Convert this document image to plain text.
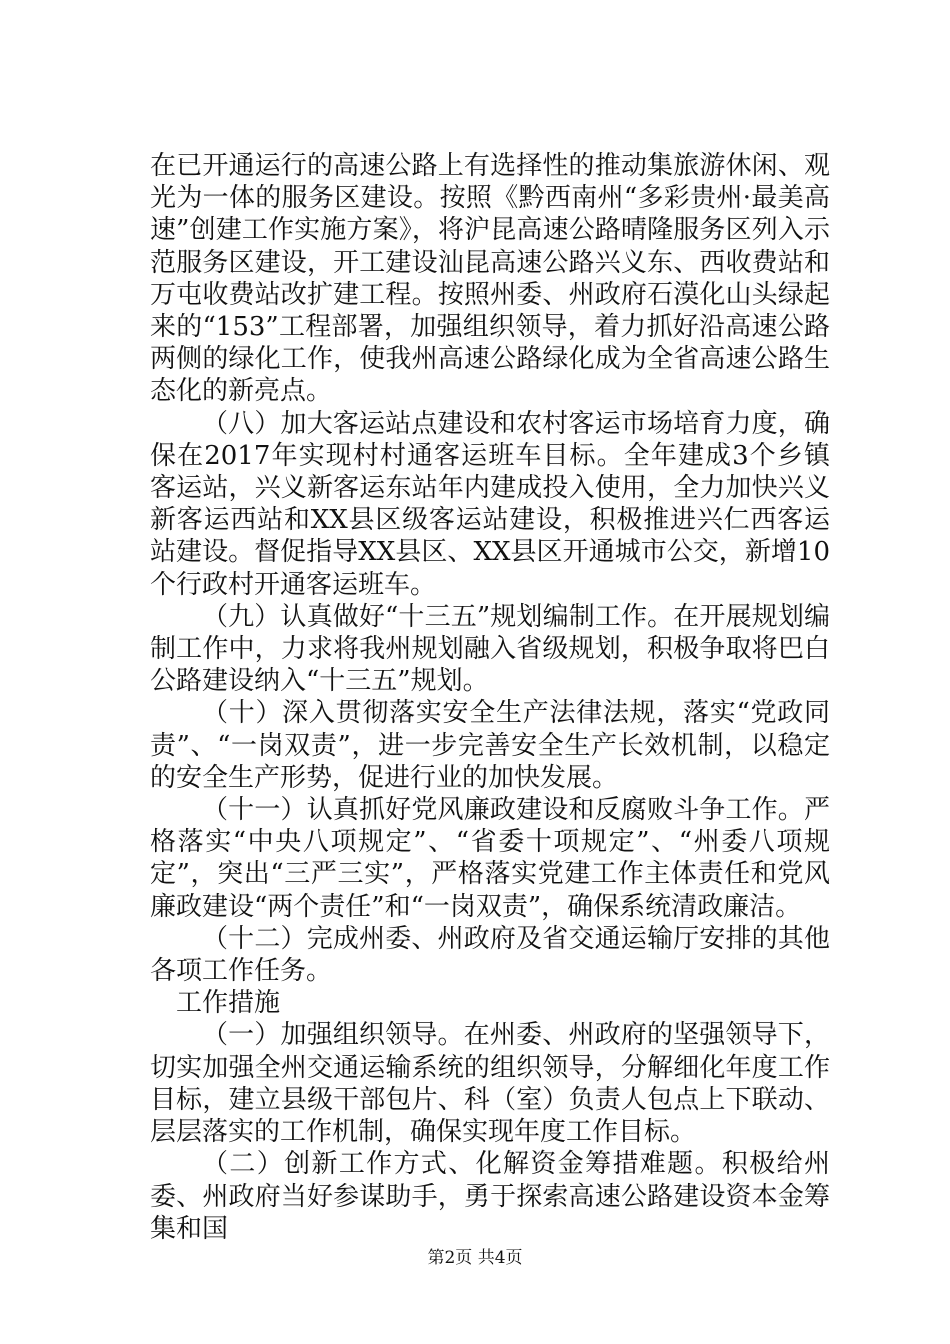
在已开通运行的高速公路上有选择性的推动集旅游休闲、观光为一体的服务区建设。按照《黔西南州“多彩贵州·最美高速”创建工作实施方案》，将沪昆高速公路晴隆服务区列入示范服务区建设，开工建设汕昆高速公路兴义东、西收费站和万屯收费站改扩建工程。按照州委、州政府石漠化山头绿起来的“153”工程部署，加强组织领导，着力抓好沿高速公路两侧的绿化工作，使我州高速公路绿化成为全省高速公路生态化的新亮点。

（八）加大客运站点建设和农村客运市场培育力度，确保在2017年实现村村通客运班车目标。全年建成3个乡镇客运站，兴义新客运东站年内建成投入使用，全力加快兴义新客运西站和XX县区级客运站建设，积极推进兴仁西客运站建设。督促指导XX县区、XX县区开通城市公交，新增10个行政村开通客运班车。

（九）认真做好“十三五”规划编制工作。在开展规划编制工作中，力求将我州规划融入省级规划，积极争取将巴白公路建设纳入“十三五”规划。

（十）深入贯彻落实安全生产法律法规，落实“党政同责”、“一岗双责”，进一步完善安全生产长效机制，以稳定的安全生产形势，促进行业的加快发展。

（十一）认真抓好党风廉政建设和反腐败斗争工作。严格落实“中央八项规定”、“省委十项规定”、“州委八项规定”，突出“三严三实”，严格落实党建工作主体责任和党风廉政建设“两个责任”和“一岗双责”，确保系统清政廉洁。

（十二）完成州委、州政府及省交通运输厅安排的其他各项工作任务。

工作措施

（一）加强组织领导。在州委、州政府的坚强领导下，切实加强全州交通运输系统的组织领导，分解细化年度工作目标，建立县级干部包片、科（室）负责人包点上下联动、层层落实的工作机制，确保实现年度工作目标。

（二）创新工作方式、化解资金筹措难题。积极给州委、州政府当好参谋助手，勇于探索高速公路建设资本金筹集和国

第2页 共4页
